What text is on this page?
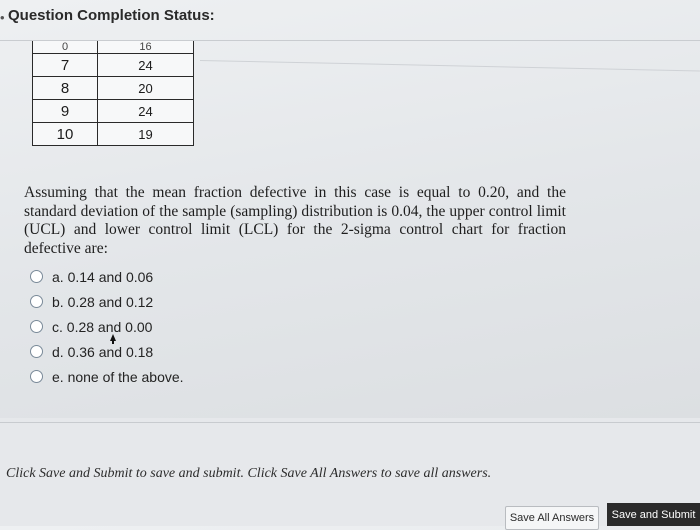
• Question Completion Status:
0	16
7	24
8	20
9	24
10	19
Assuming that the mean fraction defective in this case is equal to 0.20, and the standard deviation of the sample (sampling) distribution is 0.04, the upper control limit (UCL) and lower control limit (LCL) for the 2-sigma control chart for fraction defective are:
a. 0.14 and 0.06
b. 0.28 and 0.12
c. 0.28 and 0.00
d. 0.36 and 0.18
e. none of the above.
Click Save and Submit to save and submit. Click Save All Answers to save all answers.
Save All Answers	Save and Submit
